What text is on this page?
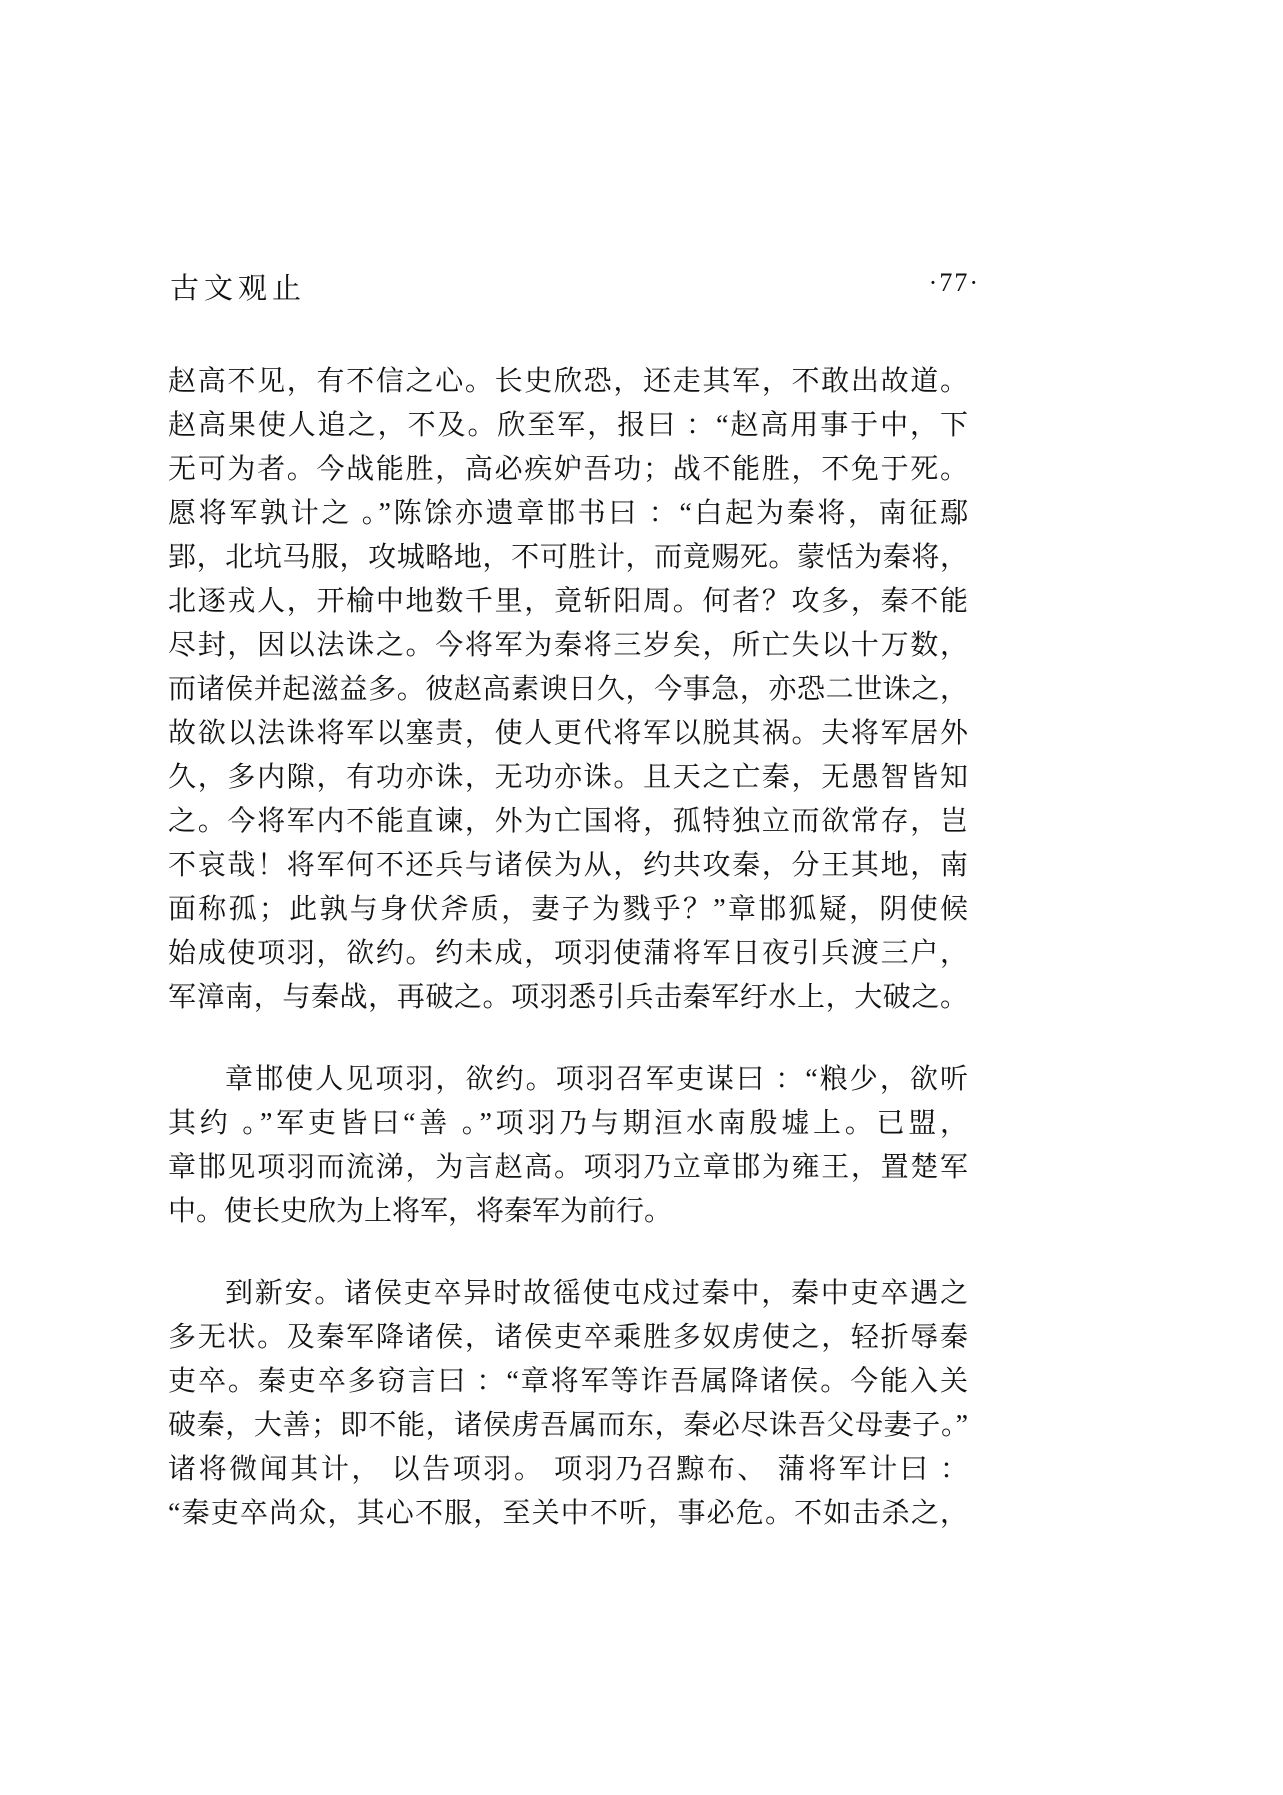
古文观止	·77·
赵高不见，有不信之心。长史欣恐，还走其军，不敢出故道。
赵高果使人追之，不及。欣至军，报曰 ：“赵高用事于中，下
无可为者。今战能胜，高必疾妒吾功；战不能胜，不免于死。
愿将军孰计之 。”陈馀亦遗章邯书曰 ：“白起为秦将，南征鄢
郢，北坑马服，攻城略地，不可胜计，而竟赐死。蒙恬为秦将，
北逐戎人，开榆中地数千里，竟斩阳周。何者？攻多，秦不能
尽封，因以法诛之。今将军为秦将三岁矣，所亡失以十万数，
而诸侯并起滋益多。彼赵高素谀日久，今事急，亦恐二世诛之，
故欲以法诛将军以塞责，使人更代将军以脱其祸。夫将军居外
久，多内隙，有功亦诛，无功亦诛。且天之亡秦，无愚智皆知
之。今将军内不能直谏，外为亡国将，孤特独立而欲常存，岂
不哀哉！将军何不还兵与诸侯为从，约共攻秦，分王其地，南
面称孤；此孰与身伏斧质，妻子为戮乎？”章邯狐疑，阴使候
始成使项羽，欲约。约未成，项羽使蒲将军日夜引兵渡三户，
军漳南，与秦战，再破之。项羽悉引兵击秦军纡水上，大破之。
章邯使人见项羽，欲约。项羽召军吏谋曰 ：“粮少，欲听
其约 。”军吏皆曰“善 。”项羽乃与期洹水南殷墟上。已盟，
章邯见项羽而流涕，为言赵高。项羽乃立章邯为雍王，置楚军
中。使长史欣为上将军，将秦军为前行。
到新安。诸侯吏卒异时故徭使屯戍过秦中，秦中吏卒遇之
多无状。及秦军降诸侯，诸侯吏卒乘胜多奴虏使之，轻折辱秦
吏卒。秦吏卒多窃言曰 ：“章将军等诈吾属降诸侯。今能入关
破秦，大善；即不能，诸侯虏吾属而东，秦必尽诛吾父母妻子。”
诸将微闻其计， 以告项羽。 项羽乃召黥布、 蒲将军计曰 ：
“秦吏卒尚众，其心不服，至关中不听，事必危。不如击杀之，
